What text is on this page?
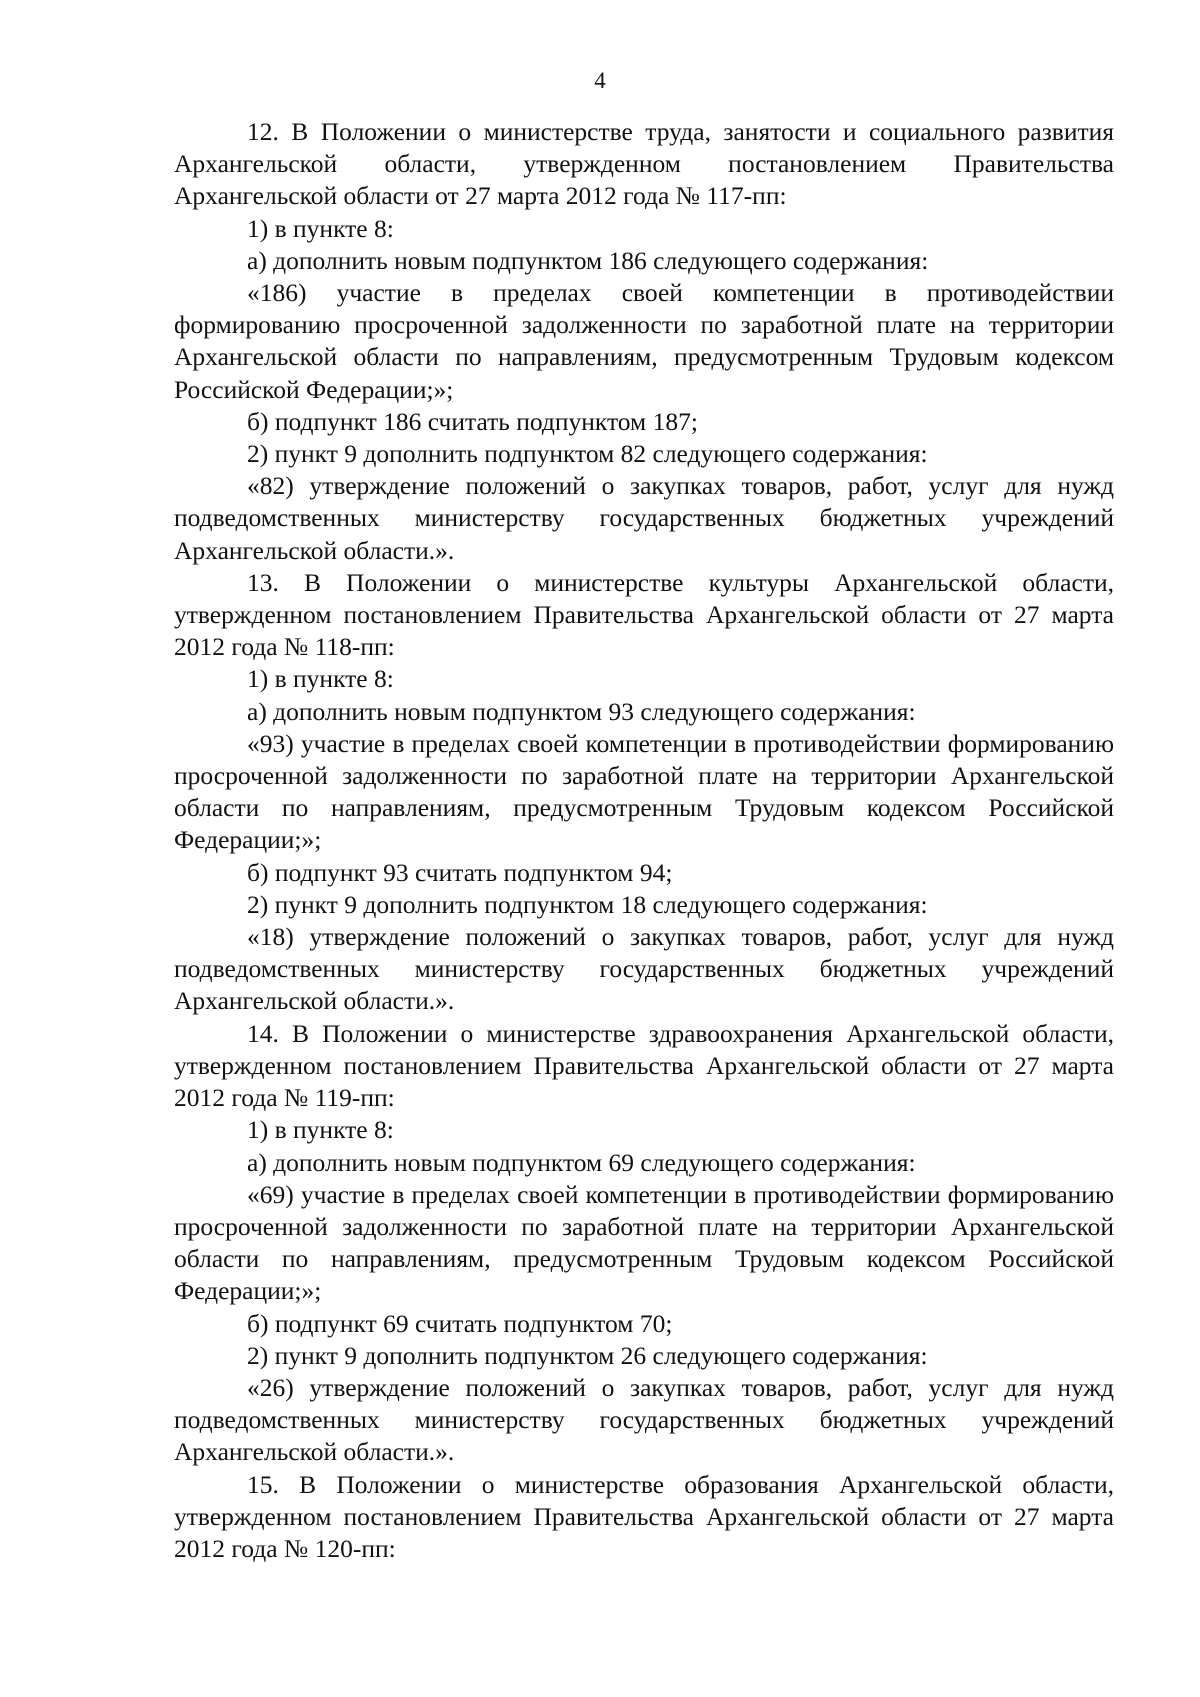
4

12. В Положении о министерстве труда, занятости и социального развития Архангельской области, утвержденном постановлением Правительства Архангельской области от 27 марта 2012 года № 117-пп:

1) в пункте 8:

а) дополнить новым подпунктом 186 следующего содержания:

«186) участие в пределах своей компетенции в противодействии формированию просроченной задолженности по заработной плате на территории Архангельской области по направлениям, предусмотренным Трудовым кодексом Российской Федерации;»;

б) подпункт 186 считать подпунктом 187;

2) пункт 9 дополнить подпунктом 82 следующего содержания:

«82) утверждение положений о закупках товаров, работ, услуг для нужд подведомственных министерству государственных бюджетных учреждений Архангельской области.».

13. В Положении о министерстве культуры Архангельской области, утвержденном постановлением Правительства Архангельской области от 27 марта 2012 года № 118-пп:

1) в пункте 8:

а) дополнить новым подпунктом 93 следующего содержания:

«93) участие в пределах своей компетенции в противодействии формированию просроченной задолженности по заработной плате на территории Архангельской области по направлениям, предусмотренным Трудовым кодексом Российской Федерации;»;

б) подпункт 93 считать подпунктом 94;

2) пункт 9 дополнить подпунктом 18 следующего содержания:

«18) утверждение положений о закупках товаров, работ, услуг для нужд подведомственных министерству государственных бюджетных учреждений Архангельской области.».

14. В Положении о министерстве здравоохранения Архангельской области, утвержденном постановлением Правительства Архангельской области от 27 марта 2012 года № 119-пп:

1) в пункте 8:

а) дополнить новым подпунктом 69 следующего содержания:

«69) участие в пределах своей компетенции в противодействии формированию просроченной задолженности по заработной плате на территории Архангельской области по направлениям, предусмотренным Трудовым кодексом Российской Федерации;»;

б) подпункт 69 считать подпунктом 70;

2) пункт 9 дополнить подпунктом 26 следующего содержания:

«26) утверждение положений о закупках товаров, работ, услуг для нужд подведомственных министерству государственных бюджетных учреждений Архангельской области.».

15. В Положении о министерстве образования Архангельской области, утвержденном постановлением Правительства Архангельской области от 27 марта 2012 года № 120-пп:
